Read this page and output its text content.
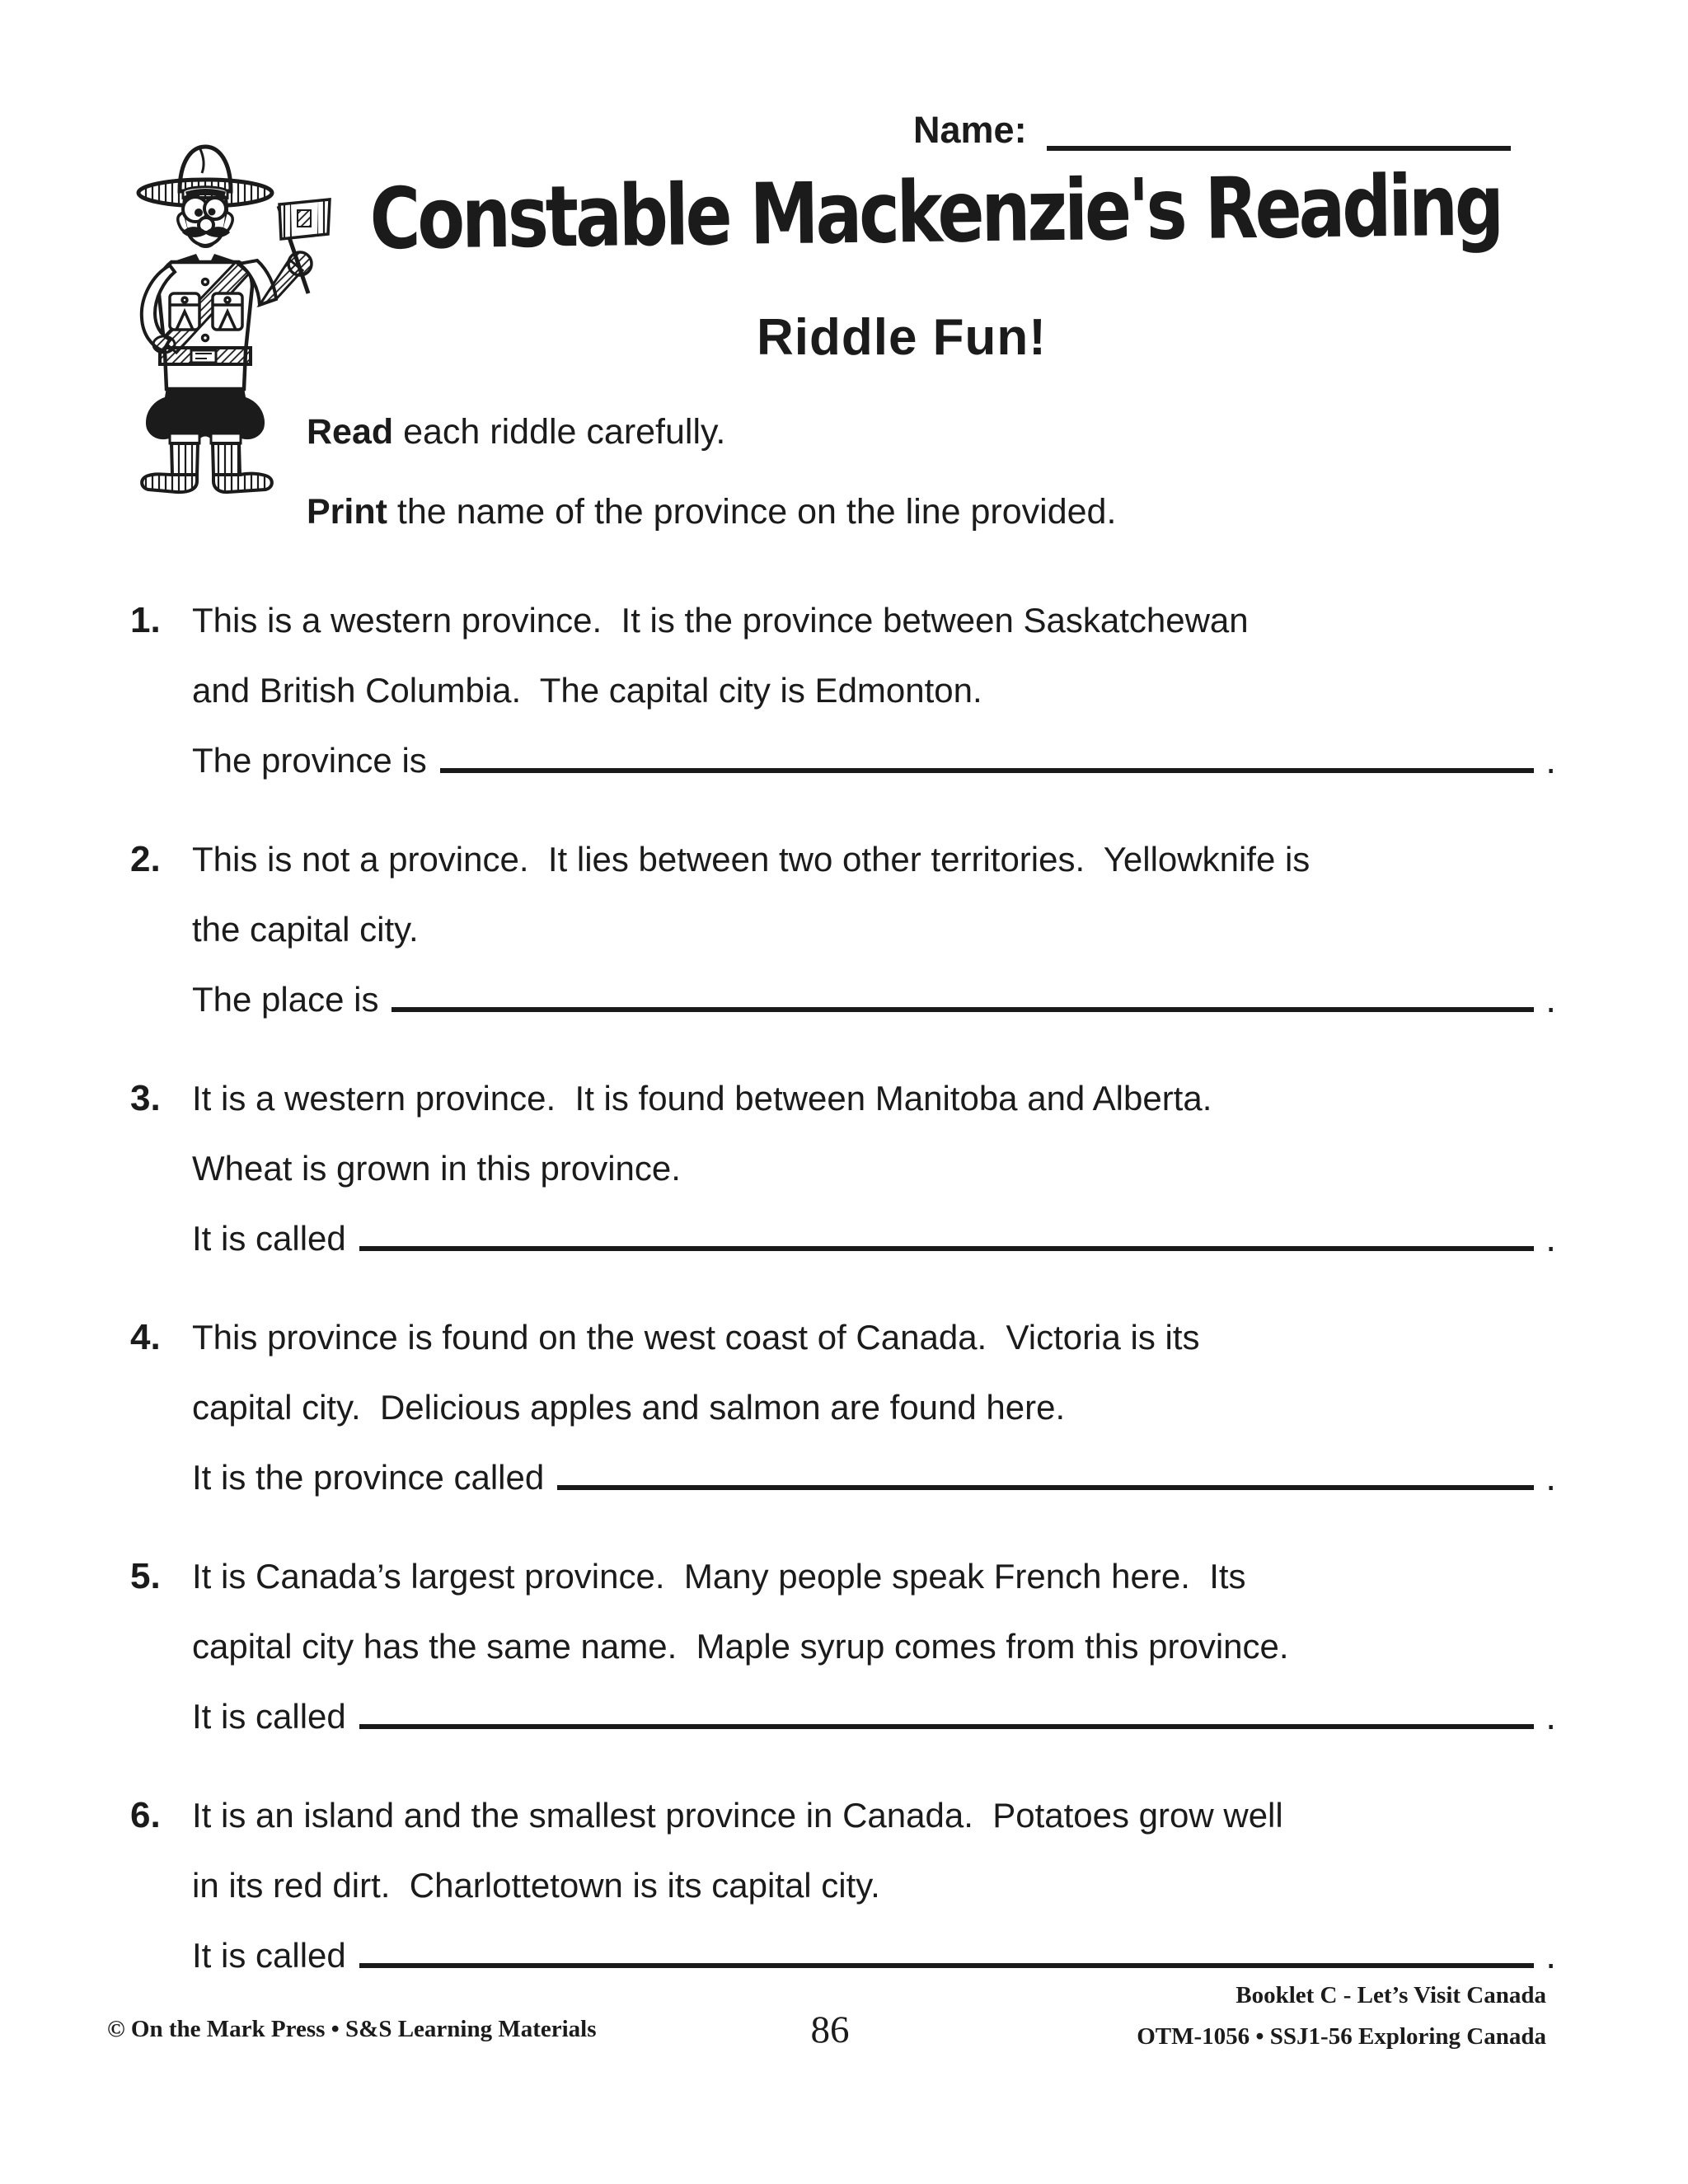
Name:
Constable Mackenzie's Reading
Riddle Fun!
Read each riddle carefully.
Print the name of the province on the line provided.
1. This is a western province.  It is the province between Saskatchewan
and British Columbia.  The capital city is Edmonton.
The province is	.
2. This is not a province.  It lies between two other territories.  Yellowknife is
the capital city.
The place is	.
3. It is a western province.  It is found between Manitoba and Alberta.
Wheat is grown in this province.
It is called	.
4. This province is found on the west coast of Canada.  Victoria is its
capital city.  Delicious apples and salmon are found here.
It is the province called	.
5. It is Canada’s largest province.  Many people speak French here.  Its
capital city has the same name.  Maple syrup comes from this province.
It is called	.
6. It is an island and the smallest province in Canada.  Potatoes grow well
in its red dirt.  Charlottetown is its capital city.
It is called	.
© On the Mark Press • S&S Learning Materials	86
Booklet C - Let’s Visit Canada
OTM-1056 • SSJ1-56 Exploring Canada
